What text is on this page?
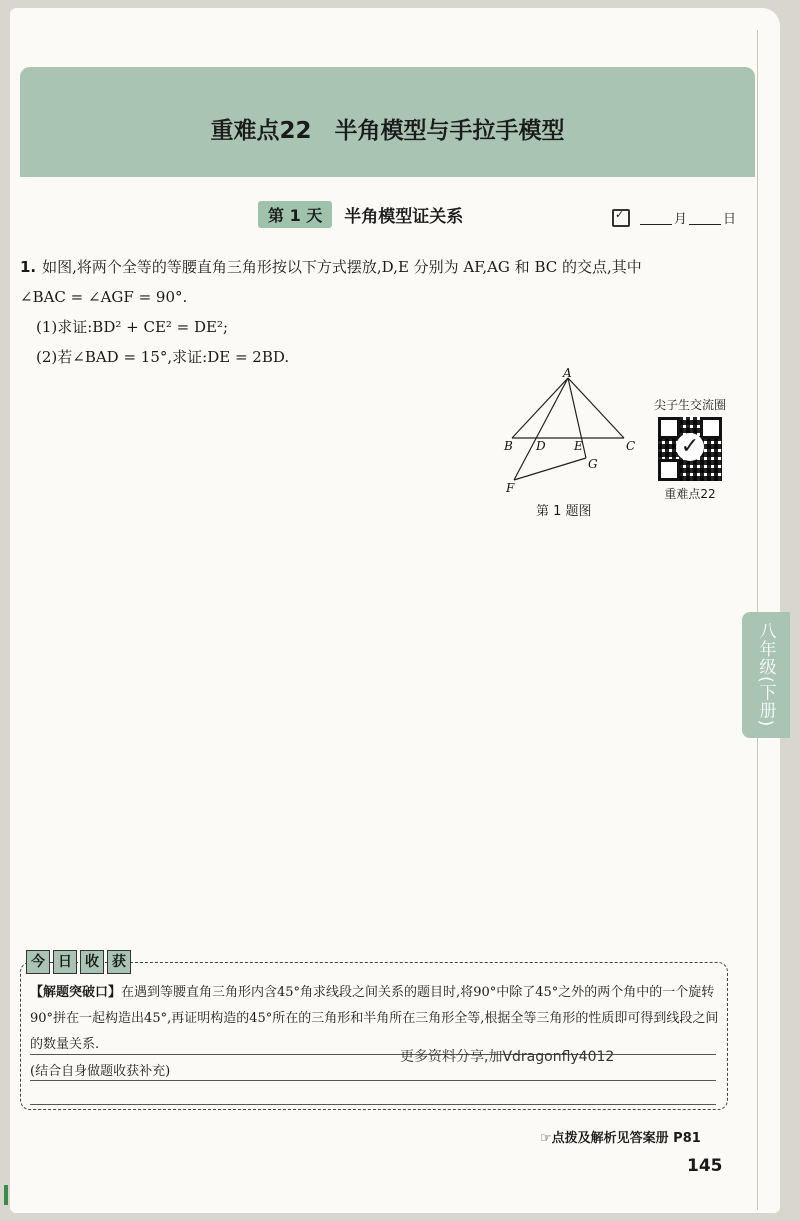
重难点22　半角模型与手拉手模型
第 1 天	半角模型证关系
✓	月	日
1. 如图,将两个全等的等腰直角三角形按以下方式摆放,D,E 分别为 AF,AG 和 BC 的交点,其中
∠BAC = ∠AGF = 90°.
(1)求证:BD² + CE² = DE²;
(2)若∠BAD = 15°,求证:DE = 2BD.
A
B	C
D E
F
G
第 1 题图
尖子生交流圈
✓
重难点22
八年级(下册)
今 日 收 获
【解题突破口】在遇到等腰直角三角形内含45°角求线段之间关系的题目时,将90°中除了45°之外的两个角中的一个旋转90°拼在一起构造出45°,再证明构造的45°所在的三角形和半角所在三角形全等,根据全等三角形的性质即可得到线段之间的数量关系.
(结合自身做题收获补充)
更多资料分享,加Vdragonfly4012
☞点拨及解析见答案册 P81
145
